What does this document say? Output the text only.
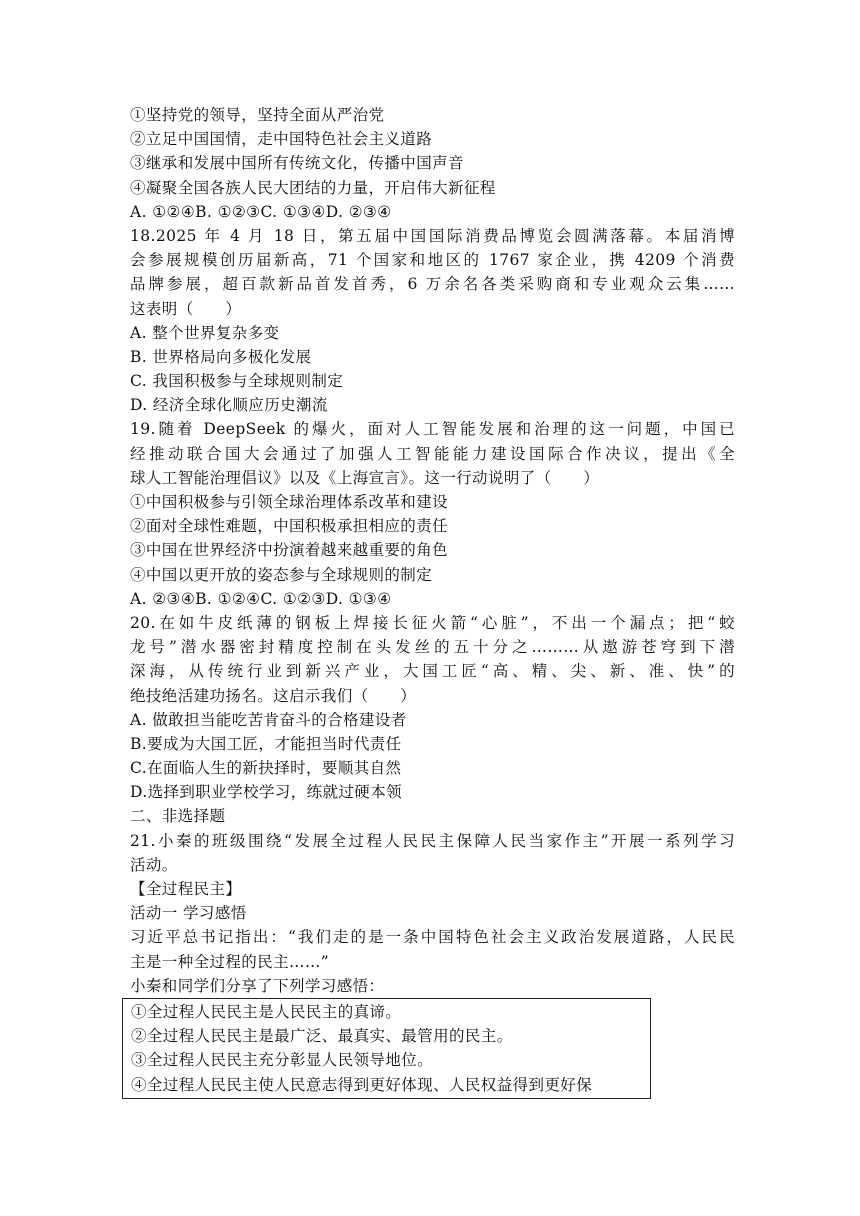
①坚持党的领导，坚持全面从严治党
②立足中国国情，走中国特色社会主义道路
③继承和发展中国所有传统文化，传播中国声音
④凝聚全国各族人民大团结的力量，开启伟大新征程
A. ①②④B. ①②③C. ①③④D. ②③④
18.2025 年 4 月 18 日，第五届中国国际消费品博览会圆满落幕。本届消博
会参展规模创历届新高，71 个国家和地区的 1767 家企业，携 4209 个消费
品牌参展，超百款新品首发首秀，6 万余名各类采购商和专业观众云集……
这表明（　　）
A. 整个世界复杂多变
B. 世界格局向多极化发展
C. 我国积极参与全球规则制定
D. 经济全球化顺应历史潮流
19.随着 DeepSeek 的爆火，面对人工智能发展和治理的这一问题，中国已
经推动联合国大会通过了加强人工智能能力建设国际合作决议，提出《全
球人工智能治理倡议》以及《上海宣言》。这一行动说明了（　　）
①中国积极参与引领全球治理体系改革和建设
②面对全球性难题，中国积极承担相应的责任
③中国在世界经济中扮演着越来越重要的角色
④中国以更开放的姿态参与全球规则的制定
A. ②③④B. ①②④C. ①②③D. ①③④
20.在如牛皮纸薄的钢板上焊接长征火箭“心脏”，不出一个漏点；把“蛟
龙号”潜水器密封精度控制在头发丝的五十分之………从遨游苍穹到下潜
深海，从传统行业到新兴产业，大国工匠“高、精、尖、新、准、快”的
绝技绝活建功扬名。这启示我们（　　）
A. 做敢担当能吃苦肯奋斗的合格建设者
B.要成为大国工匠，才能担当时代责任
C.在面临人生的新抉择时，要顺其自然
D.选择到职业学校学习，练就过硬本领
二、非选择题
21.小秦的班级围绕“发展全过程人民民主保障人民当家作主”开展一系列学习
活动。
【全过程民主】
活动一 学习感悟
习近平总书记指出：“我们走的是一条中国特色社会主义政治发展道路，人民民
主是一种全过程的民主……”
小秦和同学们分享了下列学习感悟：
①全过程人民民主是人民民主的真谛。
②全过程人民民主是最广泛、最真实、最管用的民主。
③全过程人民民主充分彰显人民领导地位。
④全过程人民民主使人民意志得到更好体现、人民权益得到更好保
